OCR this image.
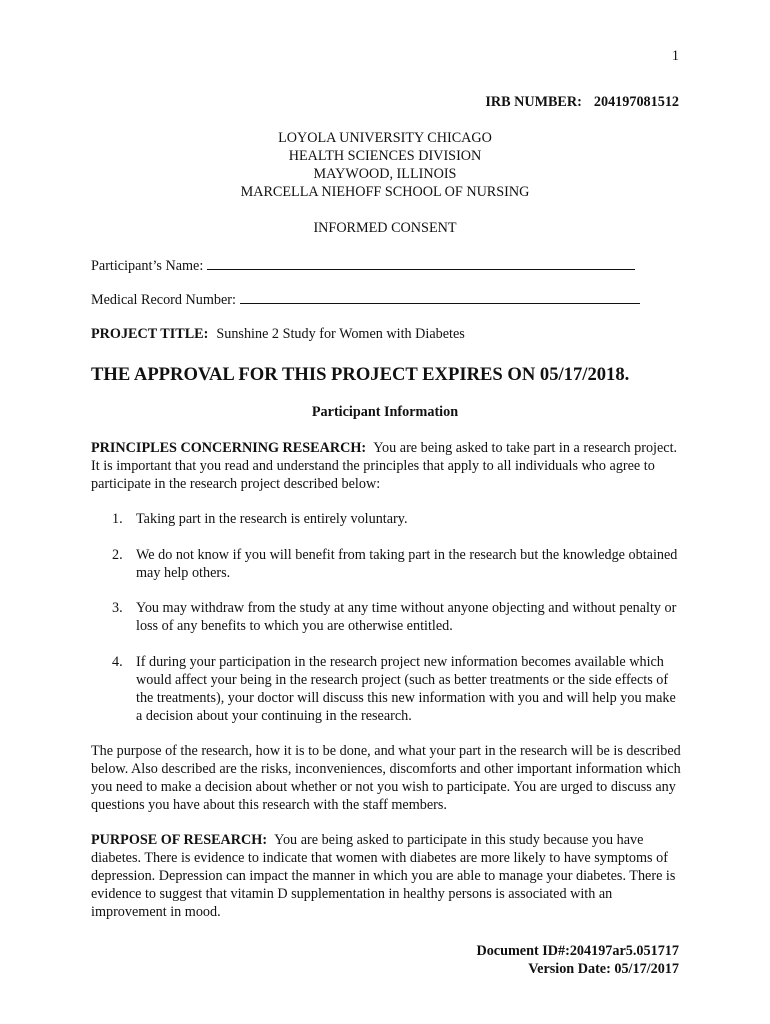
1
IRB NUMBER: 204197081512
LOYOLA UNIVERSITY CHICAGO
HEALTH SCIENCES DIVISION
MAYWOOD, ILLINOIS
MARCELLA NIEHOFF SCHOOL OF NURSING
INFORMED CONSENT
Participant’s Name:
Medical Record Number:
PROJECT TITLE: Sunshine 2 Study for Women with Diabetes
THE APPROVAL FOR THIS PROJECT EXPIRES ON 05/17/2018.
Participant Information
PRINCIPLES CONCERNING RESEARCH: You are being asked to take part in a research project. It is important that you read and understand the principles that apply to all individuals who agree to participate in the research project described below:
1. Taking part in the research is entirely voluntary.
2. We do not know if you will benefit from taking part in the research but the knowledge obtained may help others.
3. You may withdraw from the study at any time without anyone objecting and without penalty or loss of any benefits to which you are otherwise entitled.
4. If during your participation in the research project new information becomes available which would affect your being in the research project (such as better treatments or the side effects of the treatments), your doctor will discuss this new information with you and will help you make a decision about your continuing in the research.
The purpose of the research, how it is to be done, and what your part in the research will be is described below. Also described are the risks, inconveniences, discomforts and other important information which you need to make a decision about whether or not you wish to participate. You are urged to discuss any questions you have about this research with the staff members.
PURPOSE OF RESEARCH: You are being asked to participate in this study because you have diabetes. There is evidence to indicate that women with diabetes are more likely to have symptoms of depression. Depression can impact the manner in which you are able to manage your diabetes. There is evidence to suggest that vitamin D supplementation in healthy persons is associated with an improvement in mood.
Document ID#:204197ar5.051717
Version Date: 05/17/2017
